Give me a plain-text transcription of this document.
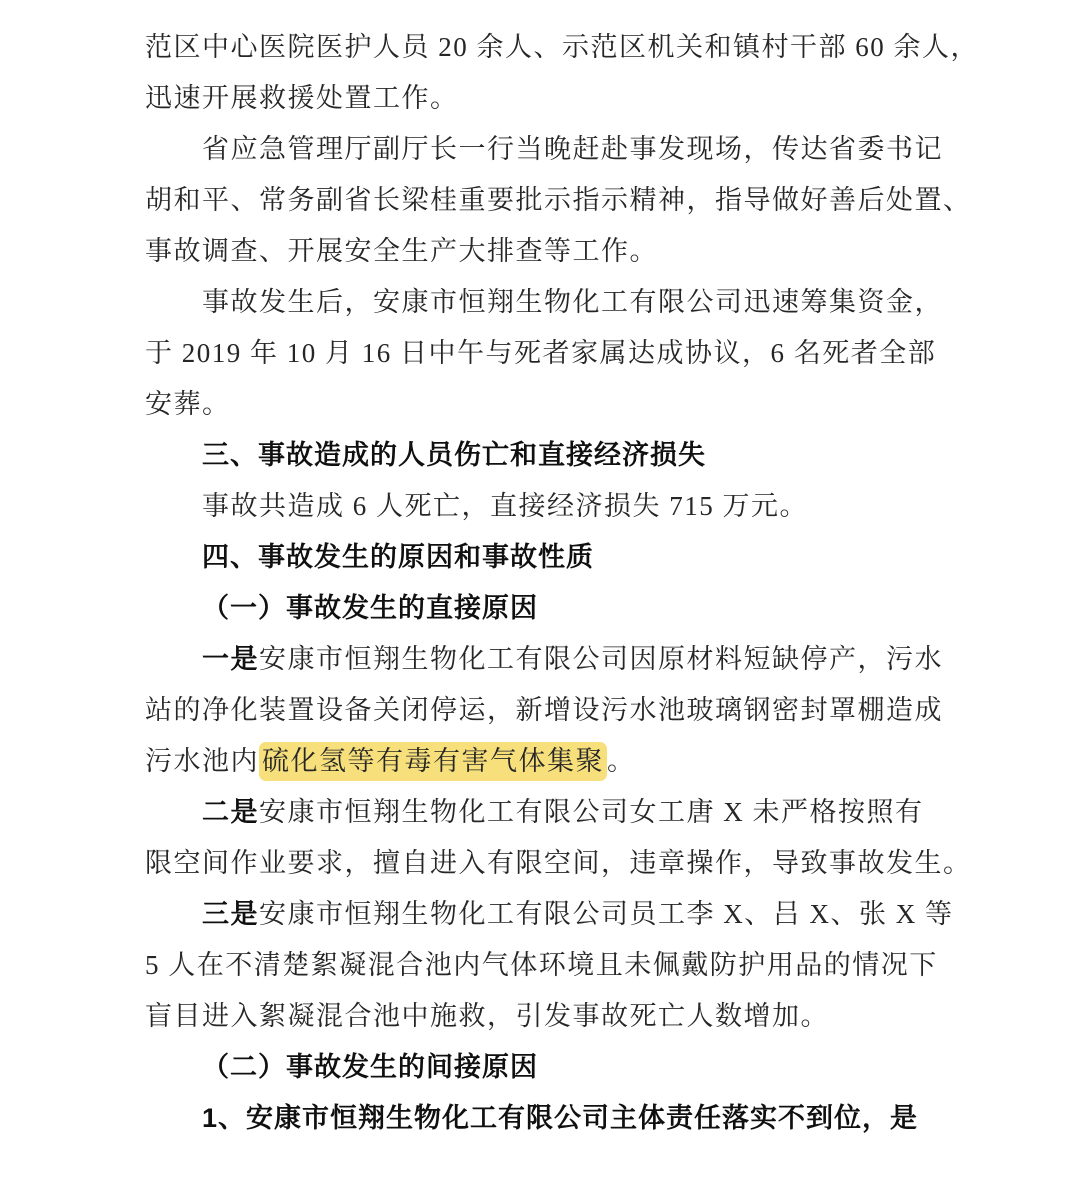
范区中心医院医护人员 20 余人、示范区机关和镇村干部 60 余人，

迅速开展救援处置工作。

省应急管理厅副厅长一行当晚赶赴事发现场，传达省委书记

胡和平、常务副省长梁桂重要批示指示精神，指导做好善后处置、

事故调查、开展安全生产大排查等工作。

事故发生后，安康市恒翔生物化工有限公司迅速筹集资金，

于 2019 年 10 月 16 日中午与死者家属达成协议，6 名死者全部

安葬。

三、事故造成的人员伤亡和直接经济损失

事故共造成 6 人死亡，直接经济损失 715 万元。

四、事故发生的原因和事故性质

（一）事故发生的直接原因

一是安康市恒翔生物化工有限公司因原材料短缺停产，污水

站的净化装置设备关闭停运，新增设污水池玻璃钢密封罩棚造成

污水池内 硫化氢等有毒有害气体集聚 。

二是安康市恒翔生物化工有限公司女工唐 X 未严格按照有

限空间作业要求，擅自进入有限空间，违章操作，导致事故发生。

三是安康市恒翔生物化工有限公司员工李 X、吕 X、张 X 等

5 人在不清楚絮凝混合池内气体环境且未佩戴防护用品的情况下

盲目进入絮凝混合池中施救，引发事故死亡人数增加。

（二）事故发生的间接原因

1、安康市恒翔生物化工有限公司主体责任落实不到位，是
